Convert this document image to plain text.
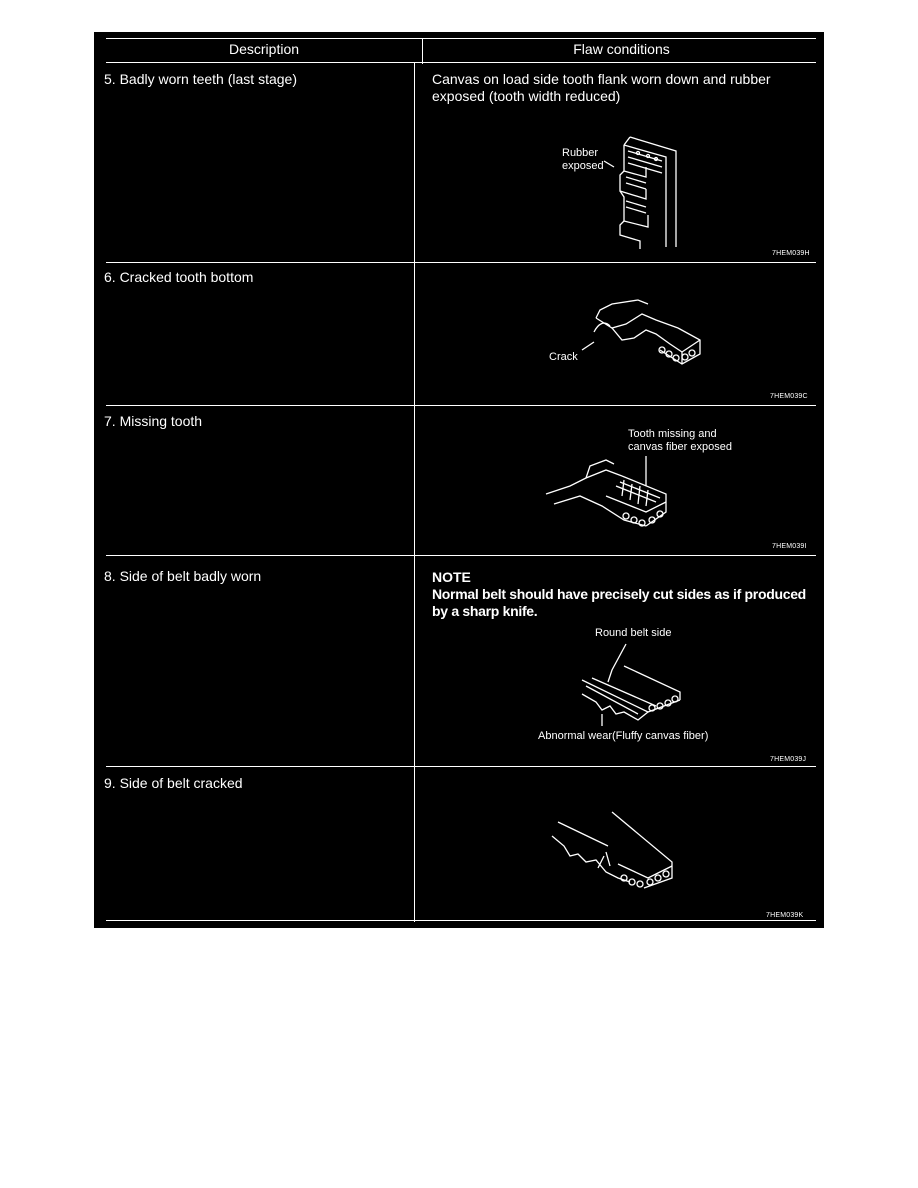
Description	Flaw conditions
5. Badly worn teeth (last stage)	Canvas on load side tooth flank worn down and rubber exposed (tooth width reduced)
Rubber
exposed
7HEM039H
6. Cracked tooth bottom
Crack
7HEM039C
7. Missing tooth
Tooth missing and
canvas fiber exposed
7HEM039I
8. Side of belt badly worn	NOTE
Normal belt should have precisely cut sides as if produced by a sharp knife.
Round belt side
Abnormal wear(Fluffy canvas fiber)
7HEM039J
9. Side of belt cracked
7HEM039K
